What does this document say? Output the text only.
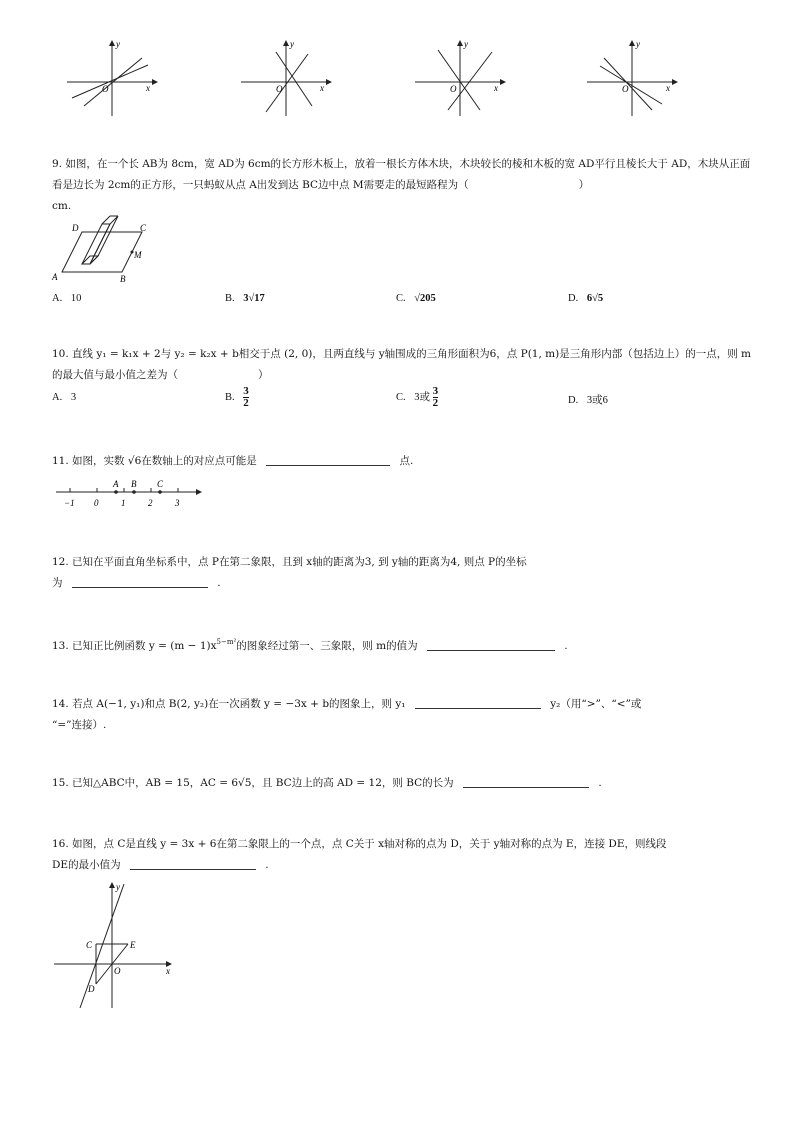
x
y
O	x
y
O	x
y
O	x
y
O
9. 如图，在一个长 AB为 8cm，宽 AD为 6cm的长方形木板上，放着一根长方体木块，木块较长的棱和木板的宽 AD平行且棱长大于 AD，木块从正面看是边长为 2cm的正方形，一只蚂蚁从点 A出发到达 BC边中点 M需要走的最短路程为（	）
cm.
A	B
C
D
M
A. 10	B. 3√17	C. √205	D. 6√5
10. 直线 y₁ = k₁x + 2与 y₂ = k₂x + b相交于点 (2, 0)，且两直线与 y轴围成的三角形面积为6，点 P(1, m)是三角形内部（包括边上）的一点，则 m的最大值与最小值之差为（	）
A. 3	B. $\frac{3}{2}$	C. 3或 $\frac{3}{2}$	D. 3或6
11. 如图，实数 √6在数轴上的对应点可能是	点.
A B C
−1 0	1	2	3
12. 已知在平面直角坐标系中，点 P在第二象限，且到 x轴的距离为3, 到 y轴的距离为4, 则点 P的坐标
为	.
13. 已知正比例函数 $y = (m - 1)x^{5-m^2}$的图象经过第一、三象限，则 m的值为	.
14. 若点 A(−1, y₁)和点 B(2, y₂)在一次函数 y = −3x + b的图象上，则 y₁	y₂（用“>”、“<”或
“=”连接）.
15. 已知△ABC中，AB = 15，AC = 6√5，且 BC边上的高 AD = 12，则 BC的长为	.
16. 如图，点 C是直线 y = 3x + 6在第二象限上的一个点，点 C关于 x轴对称的点为 D，关于 y轴对称的点为 E，连接 DE，则线段
DE的最小值为	.
x
y
O
C	E
D
